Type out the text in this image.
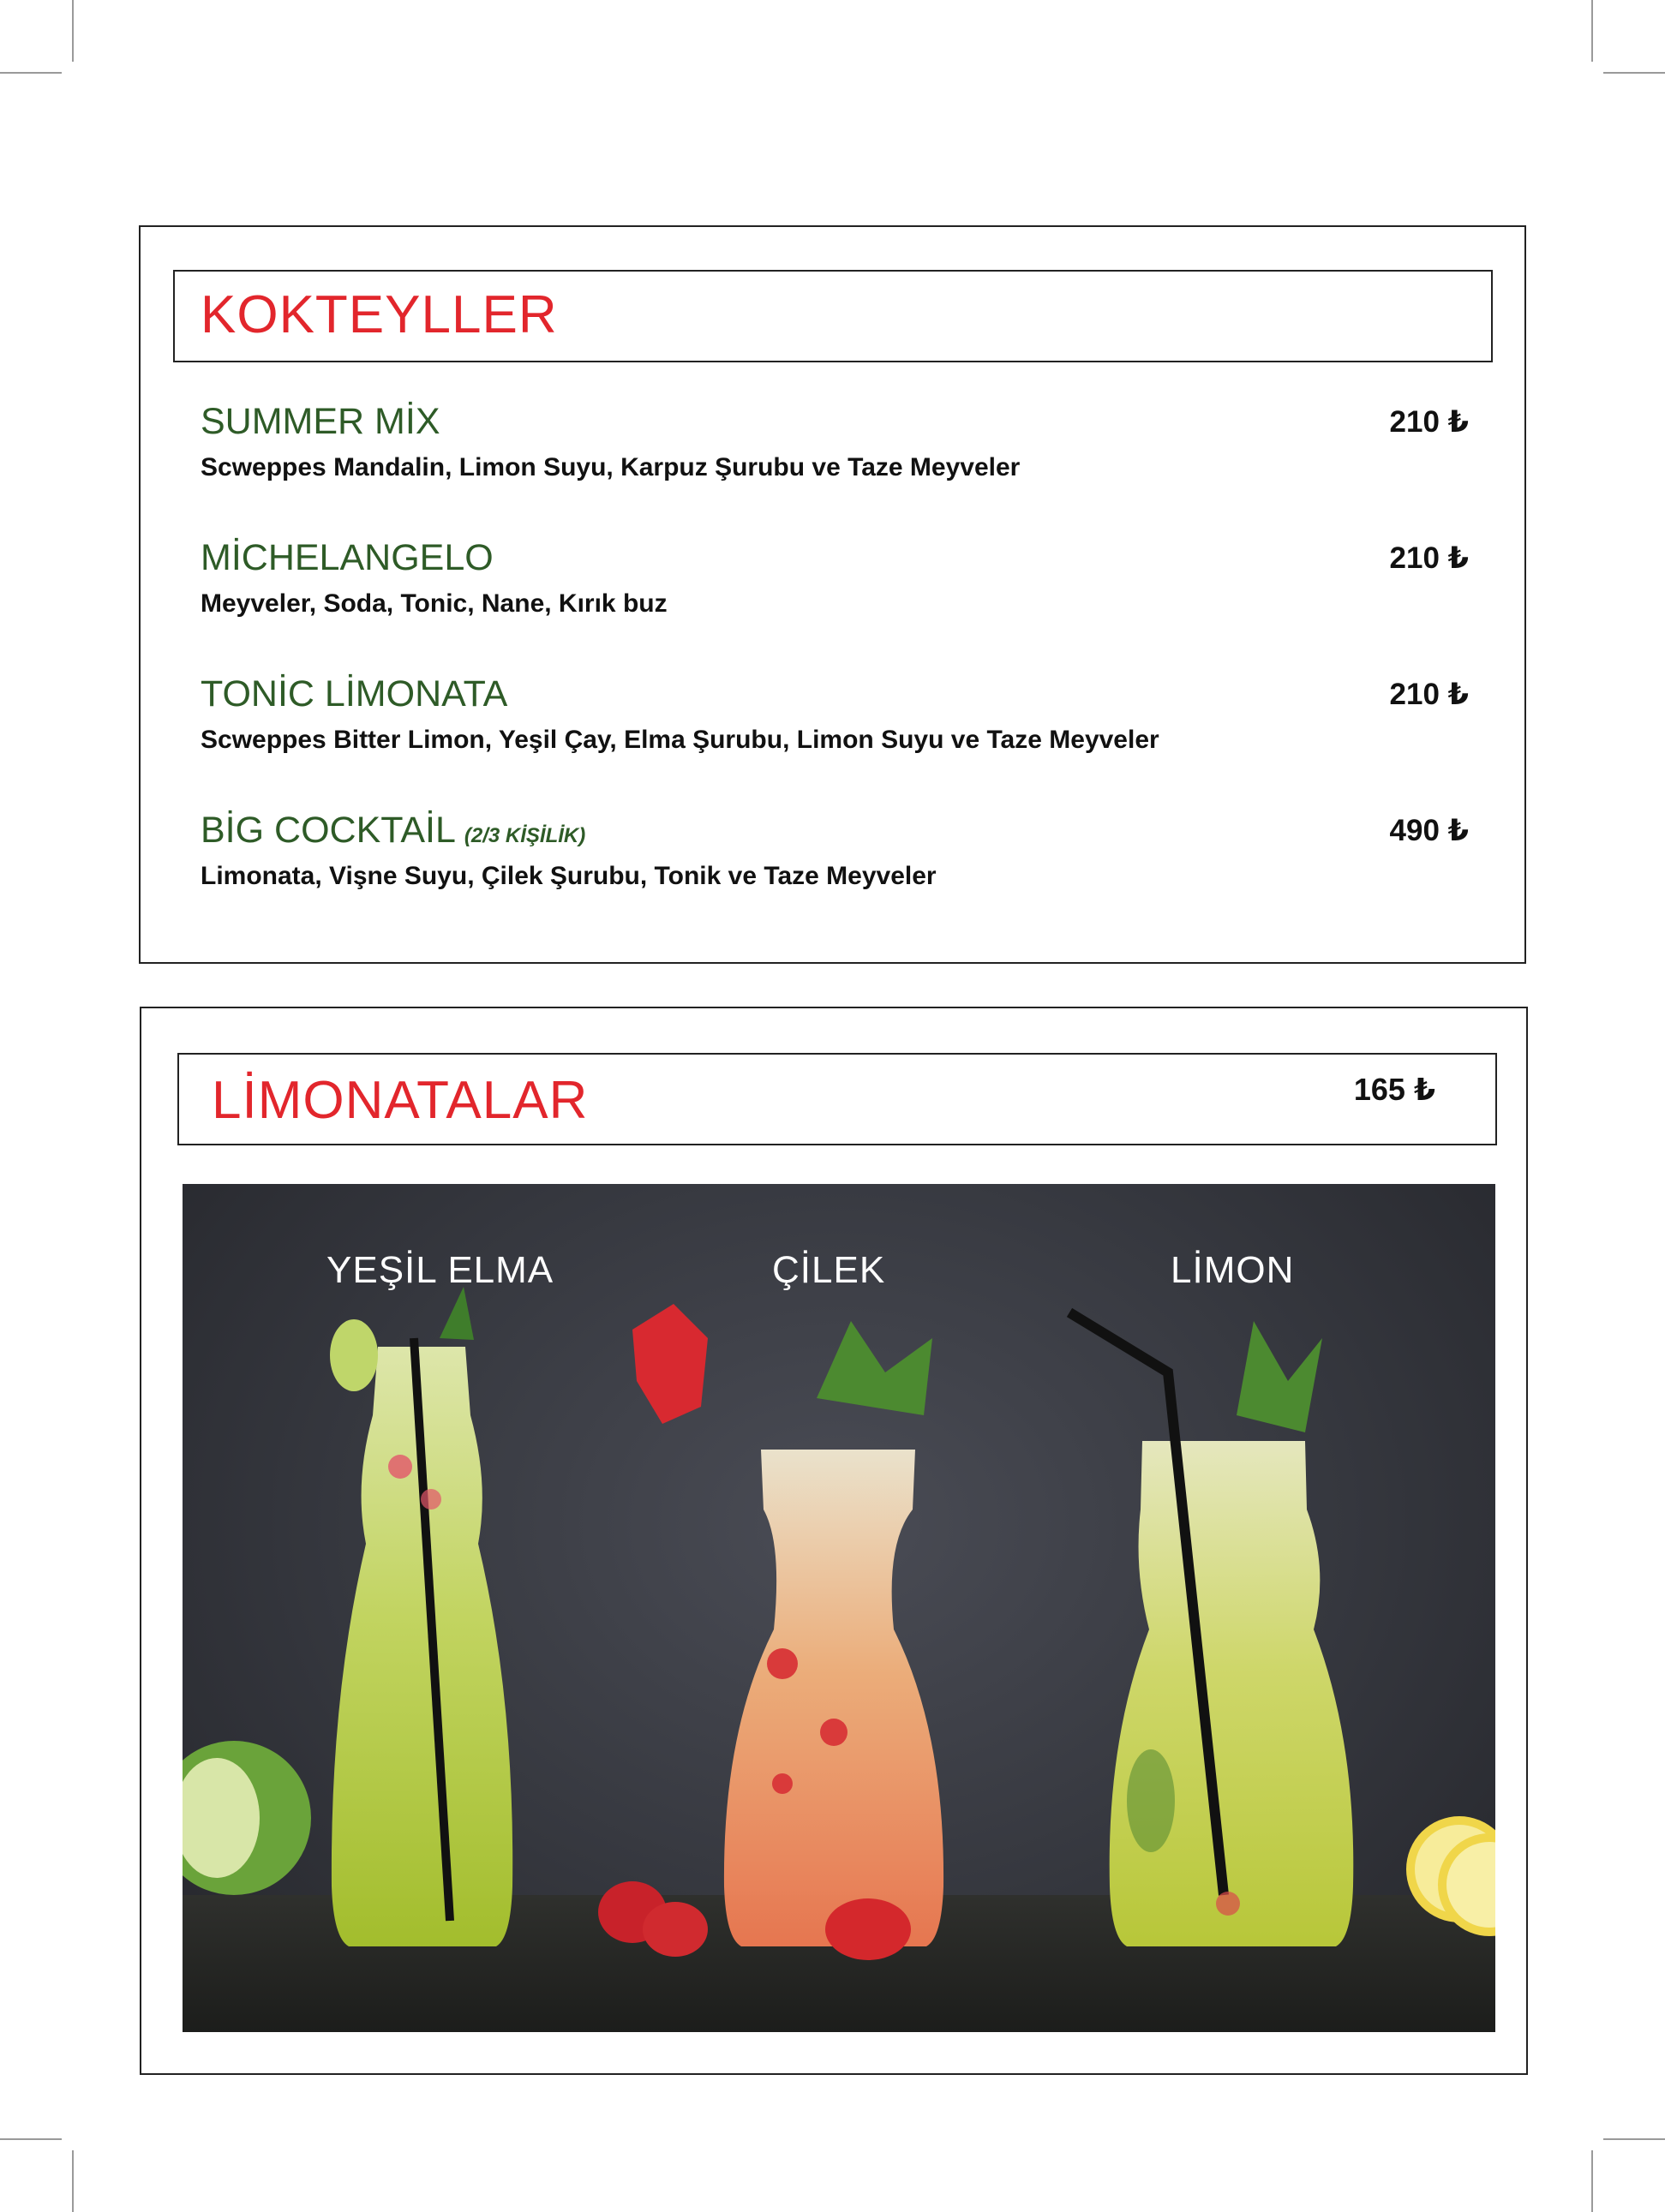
KOKTEYLLER
SUMMER MİX	210 ₺
Scweppes Mandalin, Limon Suyu, Karpuz Şurubu ve Taze Meyveler
MİCHELANGELO	210 ₺
Meyveler, Soda, Tonic, Nane, Kırık buz
TONİC LİMONATA	210 ₺
Scweppes Bitter Limon, Yeşil Çay, Elma Şurubu, Limon Suyu ve Taze Meyveler
BİG COCKTAİL (2/3 KİŞİLİK)	490 ₺
Limonata, Vişne Suyu, Çilek Şurubu, Tonik ve Taze Meyveler
LİMONATALAR	165 ₺
YEŞİL ELMA	ÇİLEK	LİMON
